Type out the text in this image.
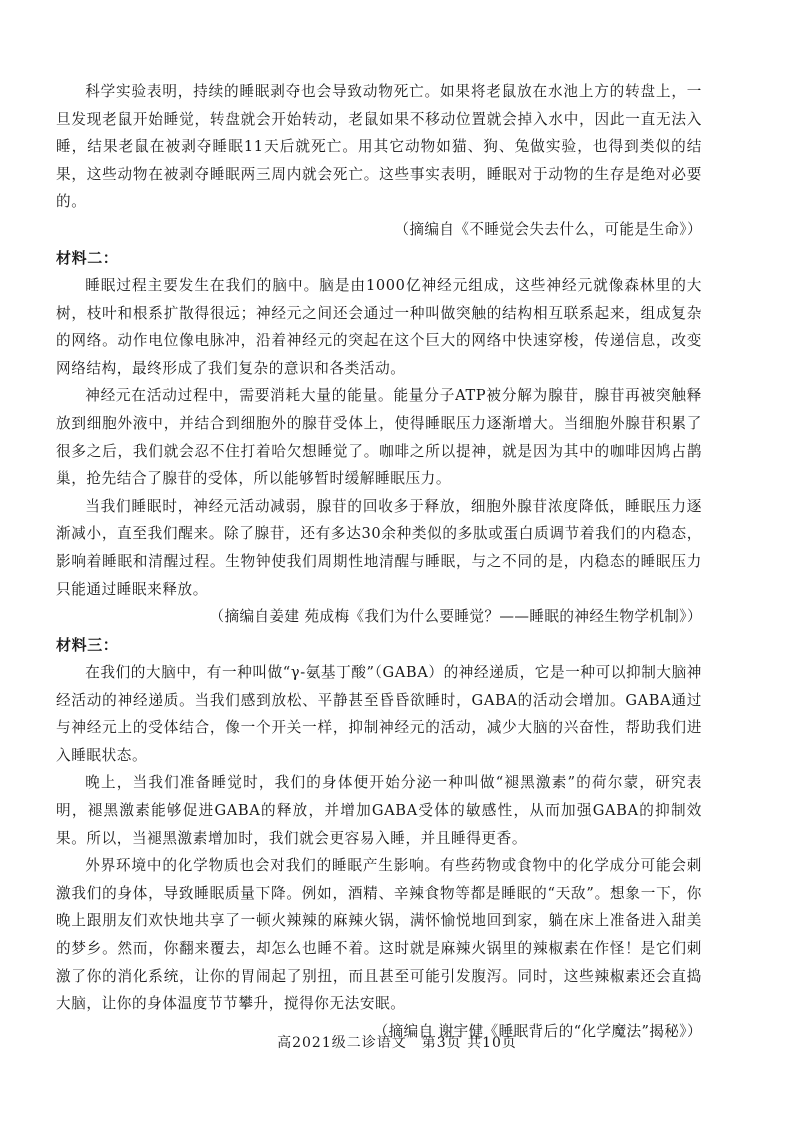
科学实验表明，持续的睡眠剥夺也会导致动物死亡。如果将老鼠放在水池上方的转盘上，一旦发现老鼠开始睡觉，转盘就会开始转动，老鼠如果不移动位置就会掉入水中，因此一直无法入睡，结果老鼠在被剥夺睡眠11天后就死亡。用其它动物如猫、狗、兔做实验，也得到类似的结果，这些动物在被剥夺睡眠两三周内就会死亡。这些事实表明，睡眠对于动物的生存是绝对必要的。

（摘编自《不睡觉会失去什么，可能是生命》）

材料二：

睡眠过程主要发生在我们的脑中。脑是由1000亿神经元组成，这些神经元就像森林里的大树，枝叶和根系扩散得很远；神经元之间还会通过一种叫做突触的结构相互联系起来，组成复杂的网络。动作电位像电脉冲，沿着神经元的突起在这个巨大的网络中快速穿梭，传递信息，改变网络结构，最终形成了我们复杂的意识和各类活动。

神经元在活动过程中，需要消耗大量的能量。能量分子ATP被分解为腺苷，腺苷再被突触释放到细胞外液中，并结合到细胞外的腺苷受体上，使得睡眠压力逐渐增大。当细胞外腺苷积累了很多之后，我们就会忍不住打着哈欠想睡觉了。咖啡之所以提神，就是因为其中的咖啡因鸠占鹊巢，抢先结合了腺苷的受体，所以能够暂时缓解睡眠压力。

当我们睡眠时，神经元活动减弱，腺苷的回收多于释放，细胞外腺苷浓度降低，睡眠压力逐渐减小，直至我们醒来。除了腺苷，还有多达30余种类似的多肽或蛋白质调节着我们的内稳态，影响着睡眠和清醒过程。生物钟使我们周期性地清醒与睡眠，与之不同的是，内稳态的睡眠压力只能通过睡眠来释放。

（摘编自姜建 苑成梅《我们为什么要睡觉？——睡眠的神经生物学机制》）

材料三：

在我们的大脑中，有一种叫做“γ-氨基丁酸”（GABA）的神经递质，它是一种可以抑制大脑神经活动的神经递质。当我们感到放松、平静甚至昏昏欲睡时，GABA的活动会增加。GABA通过与神经元上的受体结合，像一个开关一样，抑制神经元的活动，减少大脑的兴奋性，帮助我们进入睡眠状态。

晚上，当我们准备睡觉时，我们的身体便开始分泌一种叫做“褪黑激素”的荷尔蒙，研究表明，褪黑激素能够促进GABA的释放，并增加GABA受体的敏感性，从而加强GABA的抑制效果。所以，当褪黑激素增加时，我们就会更容易入睡，并且睡得更香。

外界环境中的化学物质也会对我们的睡眠产生影响。有些药物或食物中的化学成分可能会刺激我们的身体，导致睡眠质量下降。例如，酒精、辛辣食物等都是睡眠的“天敌”。想象一下，你晚上跟朋友们欢快地共享了一顿火辣辣的麻辣火锅，满怀愉悦地回到家，躺在床上准备进入甜美的梦乡。然而，你翻来覆去，却怎么也睡不着。这时就是麻辣火锅里的辣椒素在作怪！是它们刺激了你的消化系统，让你的胃闹起了别扭，而且甚至可能引发腹泻。同时，这些辣椒素还会直捣大脑，让你的身体温度节节攀升，搅得你无法安眠。

（摘编自 谢宇健《睡眠背后的“化学魔法”揭秘》）

高2021级二诊语文　第3页 共10页
